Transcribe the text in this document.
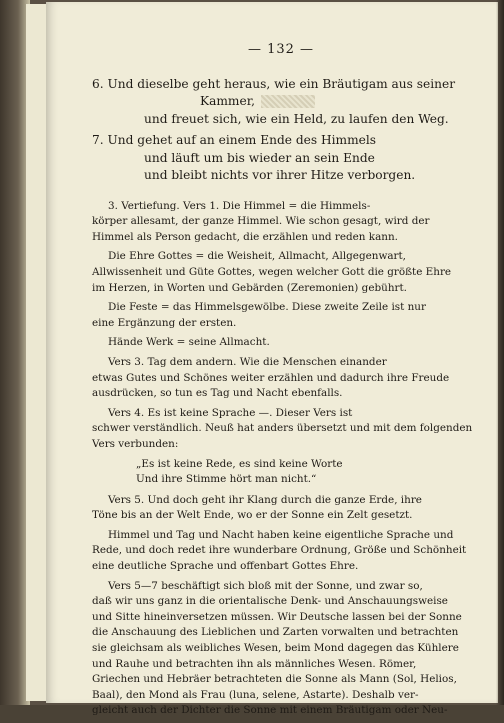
— 132 —
6. Und dieselbe geht heraus, wie ein Bräutigam aus seiner
Kammer,
und freuet sich, wie ein Held, zu laufen den Weg.
7. Und gehet auf an einem Ende des Himmels
und läuft um bis wieder an sein Ende
und bleibt nichts vor ihrer Hitze verborgen.
3. Vertiefung. Vers 1. Die Himmel = die Himmels-
körper allesamt, der ganze Himmel. Wie schon gesagt, wird der
Himmel als Person gedacht, die erzählen und reden kann.
Die Ehre Gottes = die Weisheit, Allmacht, Allgegenwart,
Allwissenheit und Güte Gottes, wegen welcher Gott die größte Ehre
im Herzen, in Worten und Gebärden (Zeremonien) gebührt.
Die Feste = das Himmelsgewölbe. Diese zweite Zeile ist nur
eine Ergänzung der ersten.
Hände Werk = seine Allmacht.
Vers 3. Tag dem andern. Wie die Menschen einander
etwas Gutes und Schönes weiter erzählen und dadurch ihre Freude
ausdrücken, so tun es Tag und Nacht ebenfalls.
Vers 4. Es ist keine Sprache —. Dieser Vers ist
schwer verständlich. Neuß hat anders übersetzt und mit dem folgenden
Vers verbunden:
„Es ist keine Rede, es sind keine Worte
Und ihre Stimme hört man nicht.“
Vers 5. Und doch geht ihr Klang durch die ganze Erde, ihre
Töne bis an der Welt Ende, wo er der Sonne ein Zelt gesetzt.
Himmel und Tag und Nacht haben keine eigentliche Sprache und
Rede, und doch redet ihre wunderbare Ordnung, Größe und Schönheit
eine deutliche Sprache und offenbart Gottes Ehre.
Vers 5—7 beschäftigt sich bloß mit der Sonne, und zwar so,
daß wir uns ganz in die orientalische Denk- und Anschauungsweise
und Sitte hineinversetzen müssen. Wir Deutsche lassen bei der Sonne
die Anschauung des Lieblichen und Zarten vorwalten und betrachten
sie gleichsam als weibliches Wesen, beim Mond dagegen das Kühlere
und Rauhe und betrachten ihn als männliches Wesen. Römer,
Griechen und Hebräer betrachteten die Sonne als Mann (Sol, Helios,
Baal), den Mond als Frau (luna, selene, Astarte). Deshalb ver-
gleicht auch der Dichter die Sonne mit einem Bräutigam oder Neu-
